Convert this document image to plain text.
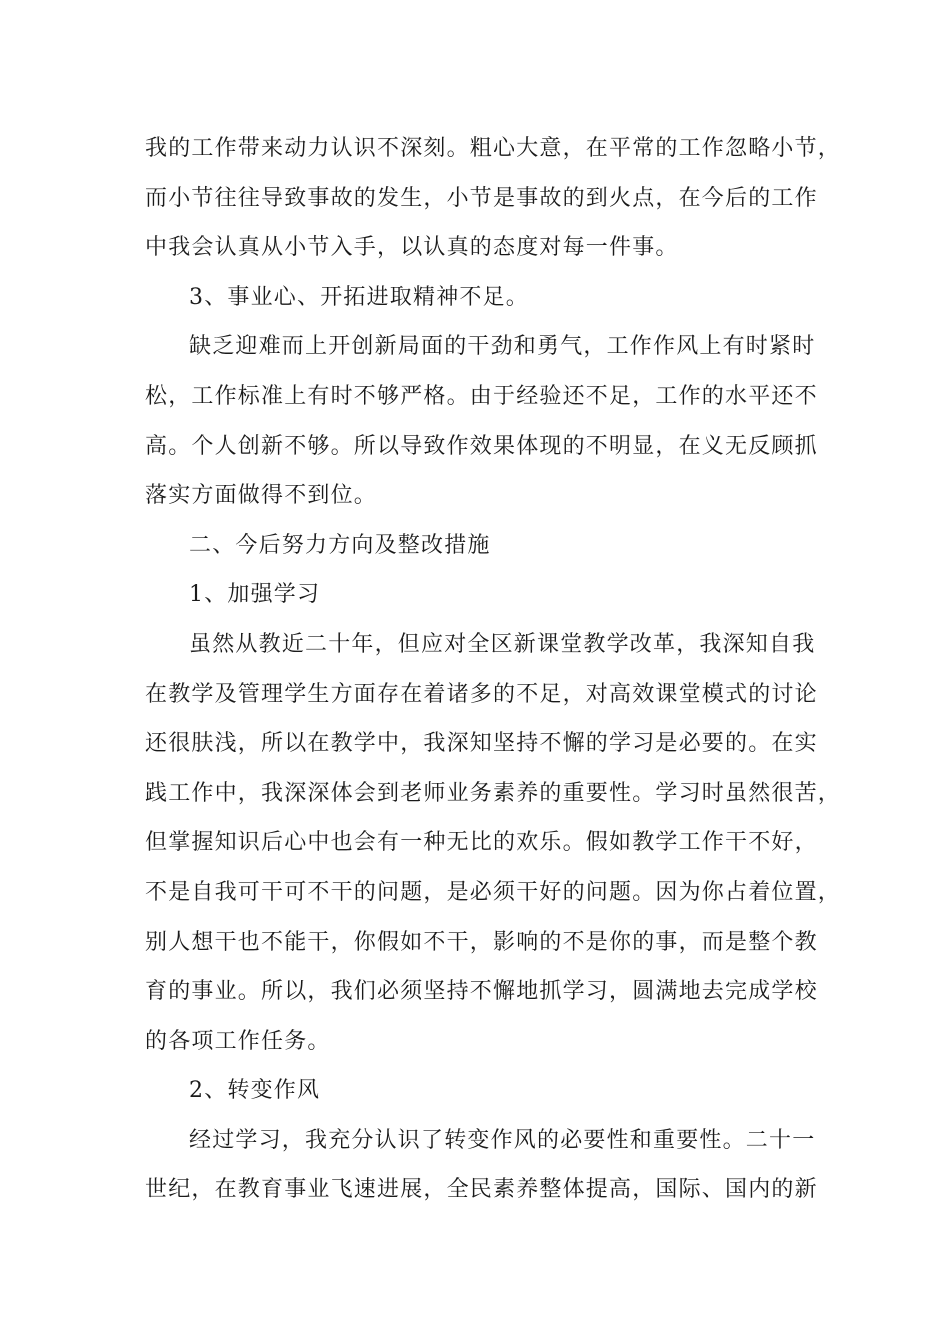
我的工作带来动力认识不深刻。粗心大意，在平常的工作忽略小节，
而小节往往导致事故的发生，小节是事故的到火点，在今后的工作
中我会认真从小节入手，以认真的态度对每一件事。
3、事业心、开拓进取精神不足。
缺乏迎难而上开创新局面的干劲和勇气，工作作风上有时紧时
松，工作标准上有时不够严格。由于经验还不足，工作的水平还不
高。个人创新不够。所以导致作效果体现的不明显，在义无反顾抓
落实方面做得不到位。
二、今后努力方向及整改措施
1、加强学习
虽然从教近二十年，但应对全区新课堂教学改革，我深知自我
在教学及管理学生方面存在着诸多的不足，对高效课堂模式的讨论
还很肤浅，所以在教学中，我深知坚持不懈的学习是必要的。在实
践工作中，我深深体会到老师业务素养的重要性。学习时虽然很苦，
但掌握知识后心中也会有一种无比的欢乐。假如教学工作干不好，
不是自我可干可不干的问题，是必须干好的问题。因为你占着位置，
别人想干也不能干，你假如不干，影响的不是你的事，而是整个教
育的事业。所以，我们必须坚持不懈地抓学习，圆满地去完成学校
的各项工作任务。
2、转变作风
经过学习，我充分认识了转变作风的必要性和重要性。二十一
世纪，在教育事业飞速进展，全民素养整体提高，国际、国内的新
